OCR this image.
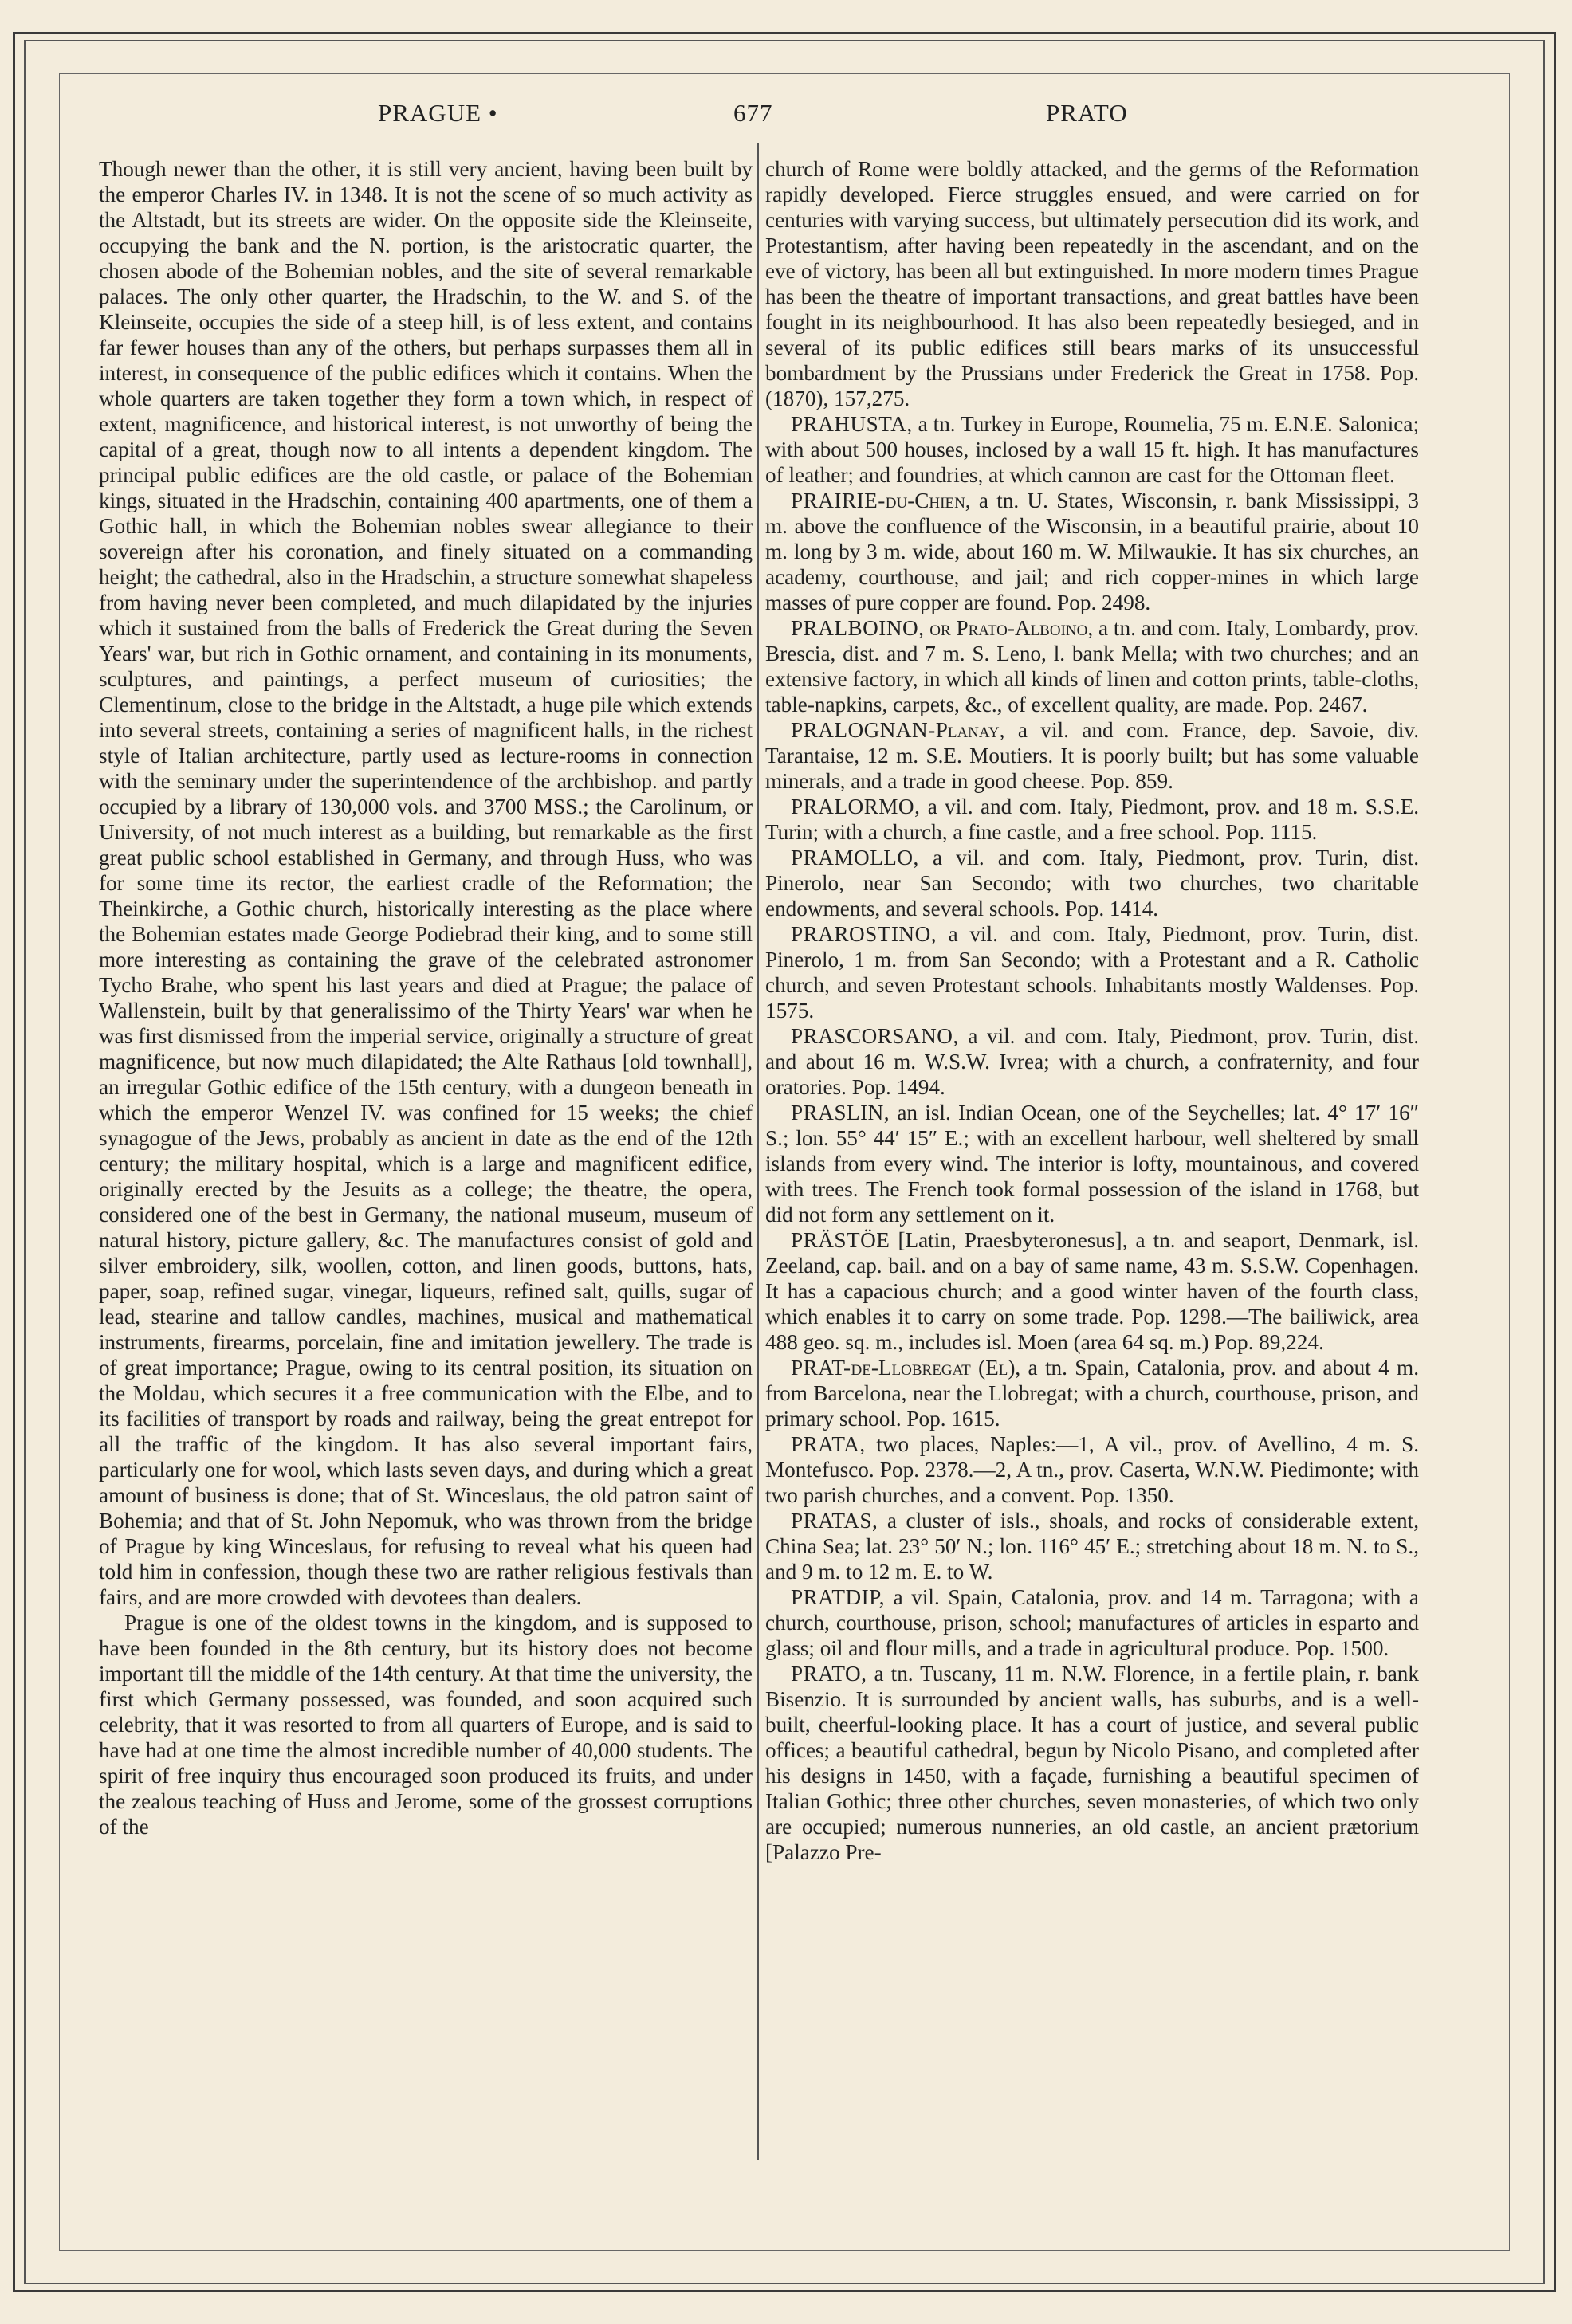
PRAGUE •	677	PRATO

Though newer than the other, it is still very ancient, having been built by the emperor Charles IV. in 1348. It is not the scene of so much activity as the Altstadt, but its streets are wider. On the opposite side the Kleinseite, occupying the bank and the N. portion, is the aristocratic quarter, the chosen abode of the Bohemian nobles, and the site of several remarkable palaces. The only other quarter, the Hradschin, to the W. and S. of the Kleinseite, occupies the side of a steep hill, is of less extent, and contains far fewer houses than any of the others, but perhaps surpasses them all in interest, in consequence of the public edifices which it contains. When the whole quarters are taken together they form a town which, in respect of extent, magnificence, and historical interest, is not unworthy of being the capital of a great, though now to all intents a dependent kingdom. The principal public edifices are the old castle, or palace of the Bohemian kings, situated in the Hradschin, containing 400 apartments, one of them a Gothic hall, in which the Bohemian nobles swear allegiance to their sovereign after his coronation, and finely situated on a commanding height; the cathedral, also in the Hradschin, a structure somewhat shapeless from having never been completed, and much dilapidated by the injuries which it sustained from the balls of Frederick the Great during the Seven Years' war, but rich in Gothic ornament, and containing in its monuments, sculptures, and paintings, a perfect museum of curiosities; the Clementinum, close to the bridge in the Altstadt, a huge pile which extends into several streets, containing a series of magnificent halls, in the richest style of Italian architecture, partly used as lecture-rooms in connection with the seminary under the superintendence of the archbishop. and partly occupied by a library of 130,000 vols. and 3700 MSS.; the Carolinum, or University, of not much interest as a building, but remarkable as the first great public school established in Germany, and through Huss, who was for some time its rector, the earliest cradle of the Reformation; the Theinkirche, a Gothic church, historically interesting as the place where the Bohemian estates made George Podiebrad their king, and to some still more interesting as containing the grave of the celebrated astronomer Tycho Brahe, who spent his last years and died at Prague; the palace of Wallenstein, built by that generalissimo of the Thirty Years' war when he was first dismissed from the imperial service, originally a structure of great magnificence, but now much dilapidated; the Alte Rathaus [old townhall], an irregular Gothic edifice of the 15th century, with a dungeon beneath in which the emperor Wenzel IV. was confined for 15 weeks; the chief synagogue of the Jews, probably as ancient in date as the end of the 12th century; the military hospital, which is a large and magnificent edifice, originally erected by the Jesuits as a college; the theatre, the opera, considered one of the best in Germany, the national museum, museum of natural history, picture gallery, &c. The manufactures consist of gold and silver embroidery, silk, woollen, cotton, and linen goods, buttons, hats, paper, soap, refined sugar, vinegar, liqueurs, refined salt, quills, sugar of lead, stearine and tallow candles, machines, musical and mathematical instruments, firearms, porcelain, fine and imitation jewellery. The trade is of great importance; Prague, owing to its central position, its situation on the Moldau, which secures it a free communication with the Elbe, and to its facilities of transport by roads and railway, being the great entrepot for all the traffic of the kingdom. It has also several important fairs, particularly one for wool, which lasts seven days, and during which a great amount of business is done; that of St. Winceslaus, the old patron saint of Bohemia; and that of St. John Nepomuk, who was thrown from the bridge of Prague by king Winceslaus, for refusing to reveal what his queen had told him in confession, though these two are rather religious festivals than fairs, and are more crowded with devotees than dealers.

Prague is one of the oldest towns in the kingdom, and is supposed to have been founded in the 8th century, but its history does not become important till the middle of the 14th century. At that time the university, the first which Germany possessed, was founded, and soon acquired such celebrity, that it was resorted to from all quarters of Europe, and is said to have had at one time the almost incredible number of 40,000 students. The spirit of free inquiry thus encouraged soon produced its fruits, and under the zealous teaching of Huss and Jerome, some of the grossest corruptions of the

church of Rome were boldly attacked, and the germs of the Reformation rapidly developed. Fierce struggles ensued, and were carried on for centuries with varying success, but ultimately persecution did its work, and Protestantism, after having been repeatedly in the ascendant, and on the eve of victory, has been all but extinguished. In more modern times Prague has been the theatre of important transactions, and great battles have been fought in its neighbourhood. It has also been repeatedly besieged, and in several of its public edifices still bears marks of its unsuccessful bombardment by the Prussians under Frederick the Great in 1758. Pop. (1870), 157,275.

PRAHUSTA, a tn. Turkey in Europe, Roumelia, 75 m. E.N.E. Salonica; with about 500 houses, inclosed by a wall 15 ft. high. It has manufactures of leather; and foundries, at which cannon are cast for the Ottoman fleet.

PRAIRIE-du-Chien, a tn. U. States, Wisconsin, r. bank Mississippi, 3 m. above the confluence of the Wisconsin, in a beautiful prairie, about 10 m. long by 3 m. wide, about 160 m. W. Milwaukie. It has six churches, an academy, courthouse, and jail; and rich copper-mines in which large masses of pure copper are found. Pop. 2498.

PRALBOINO, or Prato-Alboino, a tn. and com. Italy, Lombardy, prov. Brescia, dist. and 7 m. S. Leno, l. bank Mella; with two churches; and an extensive factory, in which all kinds of linen and cotton prints, table-cloths, table-napkins, carpets, &c., of excellent quality, are made. Pop. 2467.

PRALOGNAN-Planay, a vil. and com. France, dep. Savoie, div. Tarantaise, 12 m. S.E. Moutiers. It is poorly built; but has some valuable minerals, and a trade in good cheese. Pop. 859.

PRALORMO, a vil. and com. Italy, Piedmont, prov. and 18 m. S.S.E. Turin; with a church, a fine castle, and a free school. Pop. 1115.

PRAMOLLO, a vil. and com. Italy, Piedmont, prov. Turin, dist. Pinerolo, near San Secondo; with two churches, two charitable endowments, and several schools. Pop. 1414.

PRAROSTINO, a vil. and com. Italy, Piedmont, prov. Turin, dist. Pinerolo, 1 m. from San Secondo; with a Protestant and a R. Catholic church, and seven Protestant schools. Inhabitants mostly Waldenses. Pop. 1575.

PRASCORSANO, a vil. and com. Italy, Piedmont, prov. Turin, dist. and about 16 m. W.S.W. Ivrea; with a church, a confraternity, and four oratories. Pop. 1494.

PRASLIN, an isl. Indian Ocean, one of the Seychelles; lat. 4° 17′ 16″ S.; lon. 55° 44′ 15″ E.; with an excellent harbour, well sheltered by small islands from every wind. The interior is lofty, mountainous, and covered with trees. The French took formal possession of the island in 1768, but did not form any settlement on it.

PRÄSTÖE [Latin, Praesbyteronesus], a tn. and seaport, Denmark, isl. Zeeland, cap. bail. and on a bay of same name, 43 m. S.S.W. Copenhagen. It has a capacious church; and a good winter haven of the fourth class, which enables it to carry on some trade. Pop. 1298.—The bailiwick, area 488 geo. sq. m., includes isl. Moen (area 64 sq. m.) Pop. 89,224.

PRAT-de-Llobregat (El), a tn. Spain, Catalonia, prov. and about 4 m. from Barcelona, near the Llobregat; with a church, courthouse, prison, and primary school. Pop. 1615.

PRATA, two places, Naples:—1, A vil., prov. of Avellino, 4 m. S. Montefusco. Pop. 2378.—2, A tn., prov. Caserta, W.N.W. Piedimonte; with two parish churches, and a convent. Pop. 1350.

PRATAS, a cluster of isls., shoals, and rocks of considerable extent, China Sea; lat. 23° 50′ N.; lon. 116° 45′ E.; stretching about 18 m. N. to S., and 9 m. to 12 m. E. to W.

PRATDIP, a vil. Spain, Catalonia, prov. and 14 m. Tarragona; with a church, courthouse, prison, school; manufactures of articles in esparto and glass; oil and flour mills, and a trade in agricultural produce. Pop. 1500.

PRATO, a tn. Tuscany, 11 m. N.W. Florence, in a fertile plain, r. bank Bisenzio. It is surrounded by ancient walls, has suburbs, and is a well-built, cheerful-looking place. It has a court of justice, and several public offices; a beautiful cathedral, begun by Nicolo Pisano, and completed after his designs in 1450, with a façade, furnishing a beautiful specimen of Italian Gothic; three other churches, seven monasteries, of which two only are occupied; numerous nunneries, an old castle, an ancient prætorium [Palazzo Pre-
